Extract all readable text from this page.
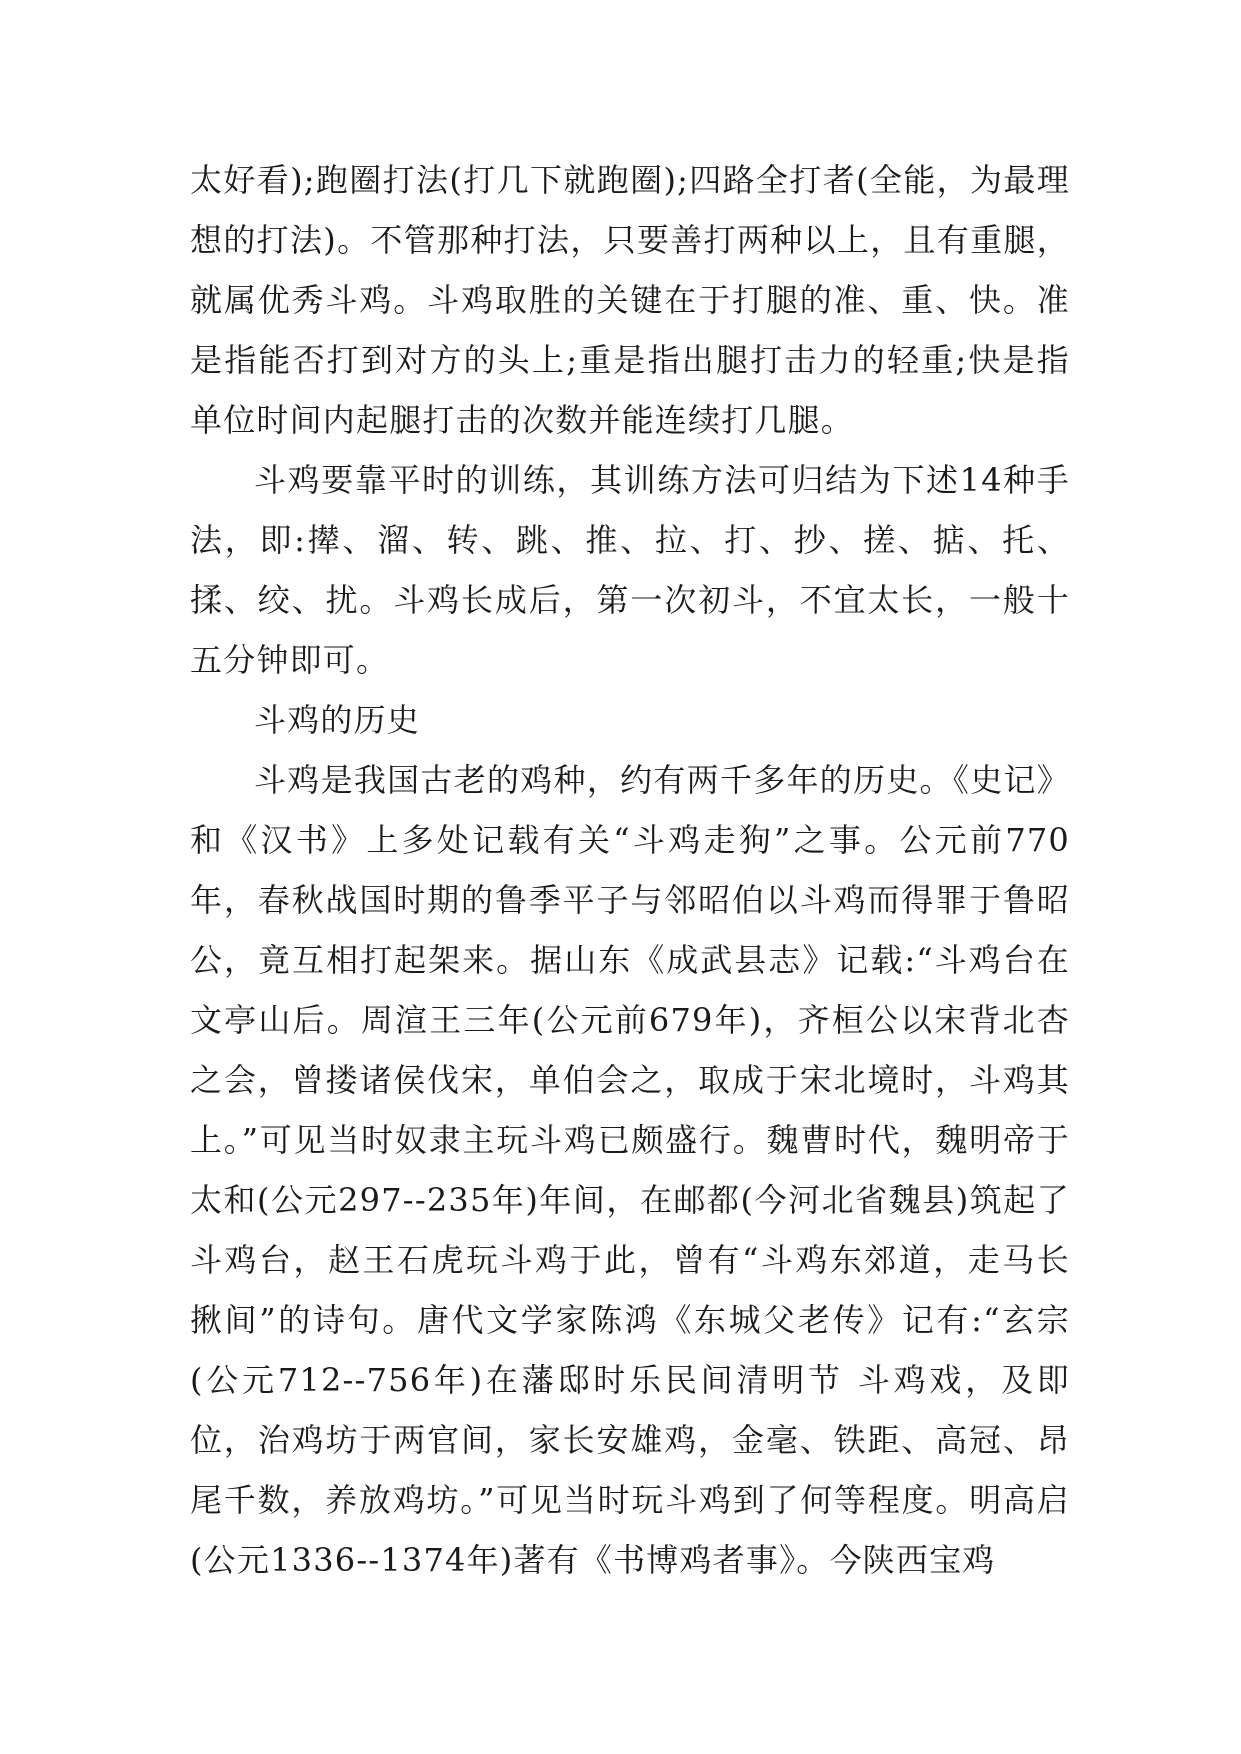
太好看);跑圈打法(打几下就跑圈);四路全打者(全能，为最理想的打法)。不管那种打法，只要善打两种以上，且有重腿，就属优秀斗鸡。斗鸡取胜的关键在于打腿的准、重、快。准是指能否打到对方的头上;重是指出腿打击力的轻重;快是指单位时间内起腿打击的次数并能连续打几腿。

斗鸡要靠平时的训练，其训练方法可归结为下述14种手法，即:撵、溜、转、跳、推、拉、打、抄、搓、掂、托、揉、绞、扰。斗鸡长成后，第一次初斗，不宜太长，一般十五分钟即可。

斗鸡的历史

斗鸡是我国古老的鸡种，约有两千多年的历史。《史记》和《汉书》上多处记载有关“斗鸡走狗”之事。公元前770年，春秋战国时期的鲁季平子与邻昭伯以斗鸡而得罪于鲁昭公，竟互相打起架来。据山东《成武县志》记载:“斗鸡台在文亭山后。周渲王三年(公元前679年)，齐桓公以宋背北杏之会，曾搂诸侯伐宋，单伯会之，取成于宋北境时，斗鸡其上。”可见当时奴隶主玩斗鸡已颇盛行。魏曹时代，魏明帝于太和(公元297--235年)年间，在邮都(今河北省魏县)筑起了斗鸡台，赵王石虎玩斗鸡于此，曾有“斗鸡东郊道，走马长揪间”的诗句。唐代文学家陈鸿《东城父老传》记有:“玄宗(公元712--756年)在藩邸时乐民间清明节 斗鸡戏，及即位，治鸡坊于两官间，家长安雄鸡，金毫、铁距、高冠、昂尾千数，养放鸡坊。”可见当时玩斗鸡到了何等程度。明高启(公元1336--1374年)著有《书博鸡者事》。今陕西宝鸡
